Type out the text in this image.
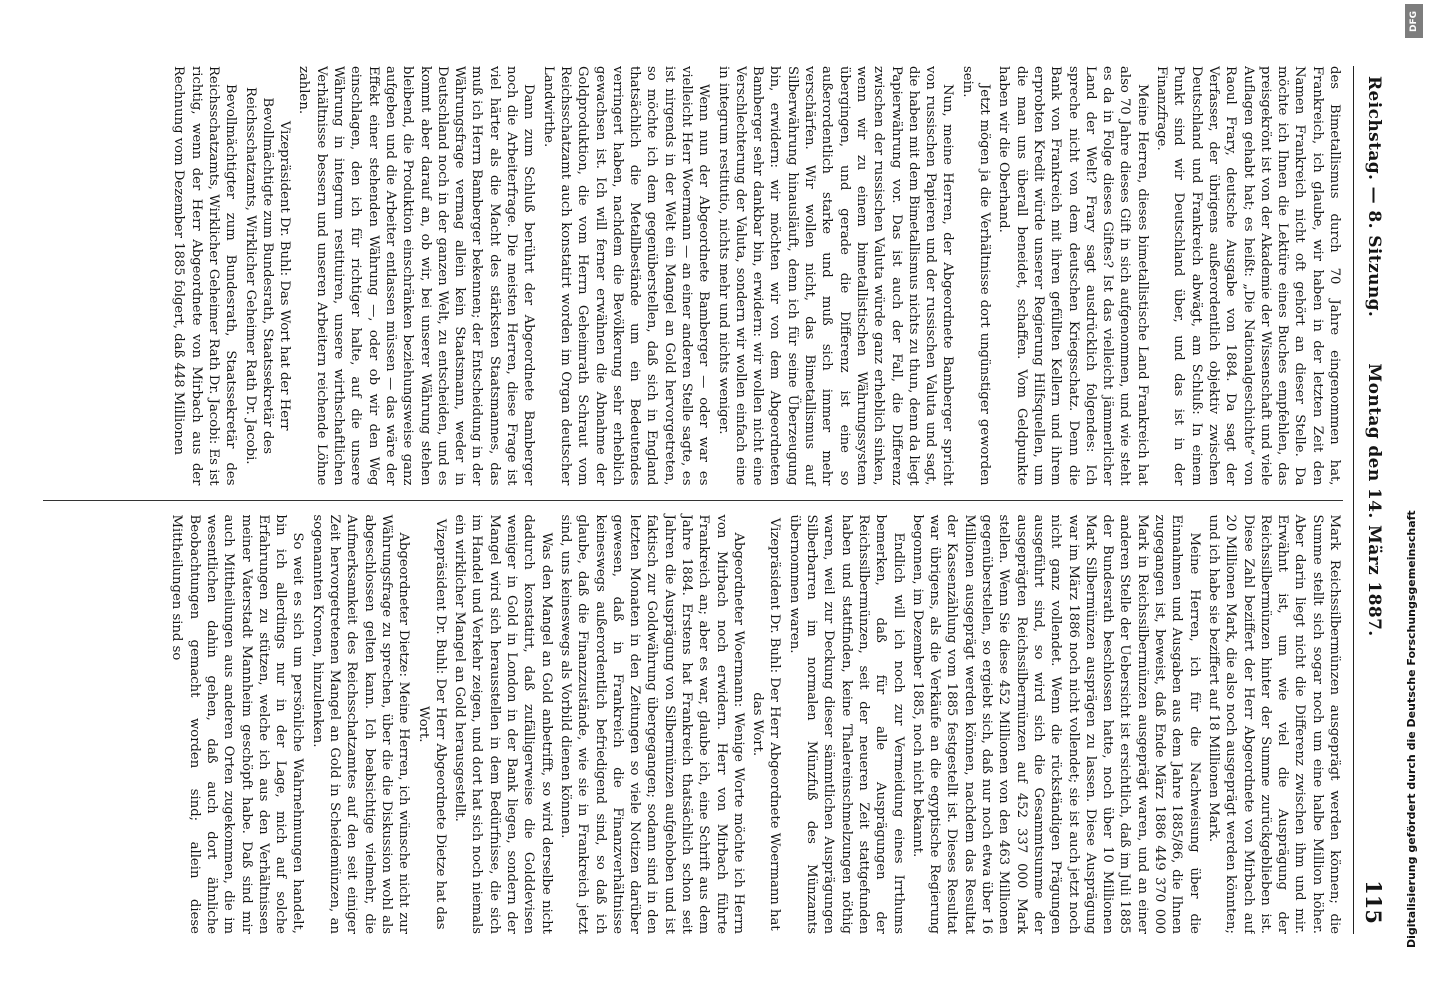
Reichstag. — 8. Sitzung.
Montag den 14. März 1887.
115

des Bimetallismus durch 70 Jahre eingenommen hat, Frankreich, ich glaube, wir haben in der letzten Zeit den Namen Frankreich nicht oft gehört an dieser Stelle. Da möchte ich Ihnen die Lektüre eines Buches empfehlen, das preisgekrönt ist von der Akademie der Wissenschaft und viele Auflagen gehabt hat; es heißt: „Die Nationalgeschichte“ von Raoul Frary, deutsche Ausgabe von 1884. Da sagt der Verfasser, der übrigens außerordentlich objektiv zwischen Deutschland und Frankreich abwägt, am Schluß: In einem Punkt sind wir Deutschland über, und das ist in der Finanzfrage.

Meine Herren, dieses bimetallistische Land Frankreich hat also 70 Jahre dieses Gift in sich aufgenommen, und wie steht es da in Folge dieses Giftes? Ist das vielleicht jämmerlicher Land der Welt? Frary sagt ausdrücklich folgendes: Ich spreche nicht von dem deutschen Kriegsschatz. Denn die Bank von Frankreich mit ihren gefüllten Kellern und ihrem erprobten Kredit würde unserer Regierung Hilfsquellen, um die man uns überall beneidet, schaffen. Vom Geldpunkte haben wir die Oberhand.

Jetzt mögen ja die Verhältnisse dort ungünstiger geworden sein.

Nun, meine Herren, der Abgeordnete Bamberger spricht von russischen Papieren und der russischen Valuta und sagt, die haben mit dem Bimetallismus nichts zu thun, denn da liegt Papierwährung vor. Das ist auch der Fall, die Differenz zwischen der russischen Valuta würde ganz erheblich sinken, wenn wir zu einem bimetallistischen Währungssystem übergingen, und gerade die Differenz ist eine so außerordentlich starke und muß sich immer mehr verschärfen. Wir wollen nicht, das Bimetallismus auf Silberwährung hinausläuft, denn ich für seine Überzeugung bin, erwidern: wir möchten wir von dem Abgeordneten Bamberger sehr dankbar bin, erwidern: wir wollen nicht eine Verschlechterung der Valuta, sondern wir wollen einfach eine in integrum restitutio, nichts mehr und nichts weniger.

Wenn nun der Abgeordnete Bamberger — oder war es vielleicht Herr Woermann — an einer anderen Stelle sagte, es ist nirgends in der Welt ein Mangel an Gold hervorgetreten, so möchte ich dem gegenüberstellen, daß sich in England thatsächlich die Metallbestände um ein Bedeutendes verringert haben, nachdem die Bevölkerung sehr erheblich gewachsen ist. Ich will ferner erwähnen die Abnahme der Goldproduktion, die vom Herrn Geheimrath Schraut vom Reichsschatzamt auch konstatirt worden im Organ deutscher Landwirthe.

Dann zum Schluß berührt der Abgeordnete Bamberger noch die Arbeiterfrage. Die meisten Herren, diese Frage ist viel härter als die Macht des stärksten Staatsmannes, das muß ich Herrn Bamberger bekennen; der Entscheidung in der Währungsfrage vermag allein kein Staatsmann, weder in Deutschland noch in der ganzen Welt, zu entscheiden, und es kommt aber darauf an, ob wir, bei unserer Währung stehen bleibend, die Produktion einschränken beziehungsweise ganz aufgeben und die Arbeiter entlassen müssen — das wäre der Effekt einer stehenden Währung —, oder ob wir den Weg einschlagen, den ich für richtiger halte, auf die unsere Währung in integrum restituiren, unsere wirthschaftlichen Verhältnisse bessern und unseren Arbeitern reichende Löhne zahlen.

Vizepräsident Dr. Buhl: Das Wort hat der Herr Bevollmächtigte zum Bundesrath, Staatssekretär des Reichsschatzamts, Wirklicher Geheimer Rath Dr. Jacobi.

Bevollmächtigter zum Bundesrath, Staatssekretär des Reichsschatzamts, Wirklicher Geheimer Rath Dr. Jacobi: Es ist richtig, wenn der Herr Abgeordnete von Mirbach aus der Rechnung vom Dezember 1885 folgert, daß 448 Millionen

Mark Reichssilbermünzen ausgeprägt werden können; die Summe stellt sich sogar noch um eine halbe Million höher. Aber darin liegt nicht die Differenz zwischen ihm und mir. Erwähnt ist, um wie viel die Ausprägung der Reichssilbermünzen hinter der Summe zurückgeblieben ist. Diese Zahl beziffert der Herr Abgeordnete von Mirbach auf 20 Millionen Mark, die also noch ausgeprägt werden könnten; und ich habe sie beziffert auf 18 Millionen Mark.

Meine Herren, ich für die Nachweisung über die Einnahmen und Ausgaben aus dem Jahre 1885/86, die Ihnen zugegangen ist, beweist, daß Ende März 1886 449 370 000 Mark in Reichssilbermünzen ausgeprägt waren, und an einer anderen Stelle der Uebersicht ist ersichtlich, daß im Juli 1885 der Bundesrath beschlossen hatte, noch über 10 Millionen Mark Silbermünzen ausprägen zu lassen. Diese Ausprägung war im März 1886 noch nicht vollendet; sie ist auch jetzt noch nicht ganz vollendet. Wenn die rückständigen Prägungen ausgeführt sind, so wird sich die Gesammtsumme der ausgeprägten Reichssilbermünzen auf 452 337 000 Mark stellen. Wenn Sie diese 452 Millionen von den 463 Millionen gegenüberstellen, so ergiebt sich, daß nur noch etwa über 16 Millionen ausgeprägt werden können, nachdem das Resultat der Kassenzählung vom 1885 festgestellt ist. Dieses Resultat war übrigens, als die Verkäufe an die egyptische Regierung begonnen, im Dezember 1885, noch nicht bekannt.

Endlich will ich noch zur Vermeidung eines Irrthums bemerken, daß für alle Ausprägungen der Reichssilbermünzen, seit der neueren Zeit stattgefunden haben und stattfinden, keine Thalereinschmelzungen nöthig waren, weil zur Deckung dieser sämmtlichen Ausprägungen Silberbarren im normalen Münzfuß des Münzamts übernommen waren.

Vizepräsident Dr. Buhl: Der Herr Abgeordnete Woermann hat das Wort.

Abgeordneter Woermann: Wenige Worte möchte ich Herrn von Mirbach noch erwidern. Herr von Mirbach führte Frankreich an; aber es war, glaube ich, eine Schrift aus dem Jahre 1884. Erstens hat Frankreich thatsächlich schon seit Jahren die Ausprägung von Silbermünzen aufgehoben und ist faktisch zur Goldwährung übergegangen; sodann sind in den letzten Monaten in den Zeitungen so viele Notizen darüber gewesen, daß in Frankreich die Finanzverhältnisse keineswegs außerordentlich befriedigend sind, so daß ich glaube, daß die Finanzzustände, wie sie in Frankreich jetzt sind, uns keineswegs als Vorbild dienen können.

Was den Mangel an Gold anbetrifft, so wird derselbe nicht dadurch konstatirt, daß zufälligerweise die Golddevisen weniger in Gold in London in der Bank liegen, sondern der Mangel wird sich herausstellen in dem Bedürfnisse, die sich im Handel und Verkehr zeigen, und dort hat sich noch niemals ein wirklicher Mangel an Gold herausgestellt.

Vizepräsident Dr. Buhl: Der Herr Abgeordnete Dietze hat das Wort.

Abgeordneter Dietze: Meine Herren, ich wünsche nicht zur Währungsfrage zu sprechen, über die die Diskussion wohl als abgeschlossen gelten kann. Ich beabsichtige vielmehr, die Aufmerksamkeit des Reichsschatzamtes auf den seit einiger Zeit hervorgetretenen Mangel an Gold in Scheidemünzen, an sogenannten Kronen, hinzulenken.

So weit es sich um persönliche Wahrnehmungen handelt, bin ich allerdings nur in der Lage, mich auf solche Erfahrungen zu stützen, welche ich aus den Verhältnissen meiner Vaterstadt Mannheim geschöpft habe. Daß sind mir auch Mittheilungen aus anderen Orten zugekommen, die im wesentlichen dahin gehen, daß auch dort ähnliche Beobachtungen gemacht worden sind; allein diese Mittheilungen sind so

DFG
Digitalisierung gefördert durch die Deutsche Forschungsgemeinschaft
